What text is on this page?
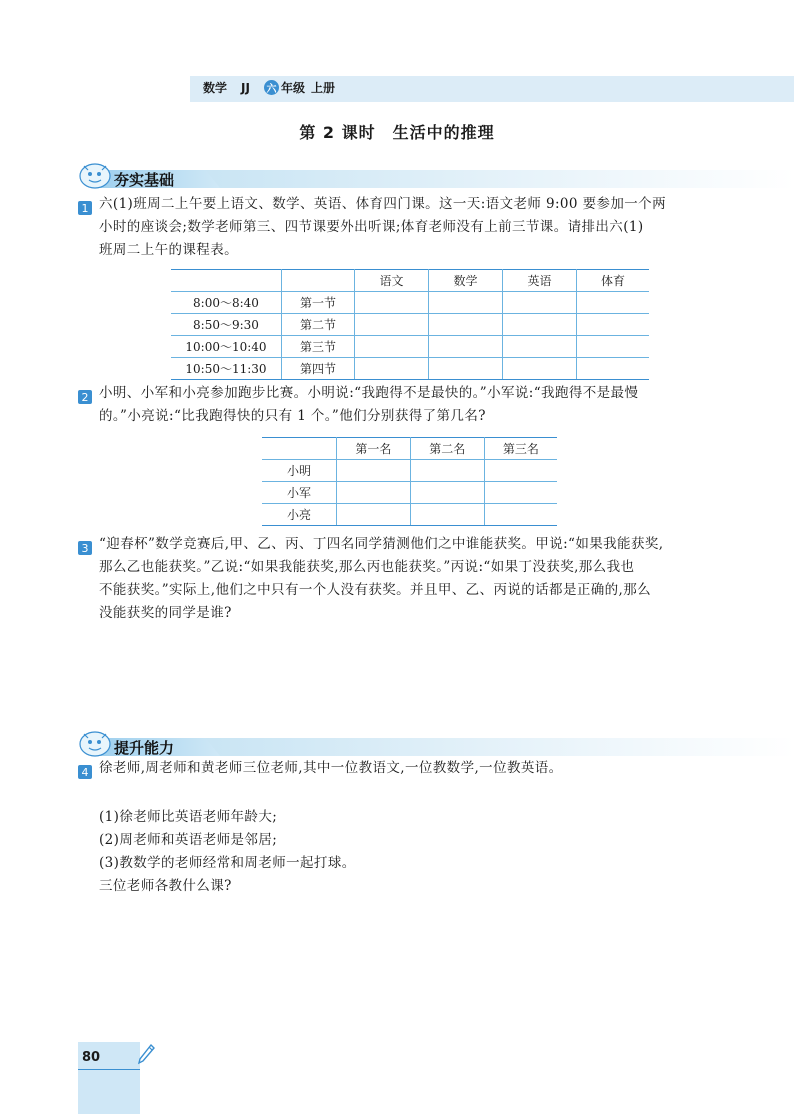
数学 JJ 六 年级 上册
第 2 课时　生活中的推理
夯实基础
1 六(1)班周二上午要上语文、数学、英语、体育四门课。这一天:语文老师 9:00 要参加一个两
小时的座谈会;数学老师第三、四节课要外出听课;体育老师没有上前三节课。请排出六(1)
班周二上午的课程表。
		语文	数学	英语	体育
8:00～8:40	第一节				
8:50～9:30	第二节				
10:00～10:40	第三节				
10:50～11:30	第四节				
2 小明、小军和小亮参加跑步比赛。小明说:“我跑得不是最快的。”小军说:“我跑得不是最慢
的。”小亮说:“比我跑得快的只有 1 个。”他们分别获得了第几名?
	第一名	第二名	第三名
小明			
小军			
小亮			
3 “迎春杯”数学竞赛后,甲、乙、丙、丁四名同学猜测他们之中谁能获奖。甲说:“如果我能获奖,
那么乙也能获奖。”乙说:“如果我能获奖,那么丙也能获奖。”丙说:“如果丁没获奖,那么我也
不能获奖。”实际上,他们之中只有一个人没有获奖。并且甲、乙、丙说的话都是正确的,那么
没能获奖的同学是谁?
提升能力
4 徐老师,周老师和黄老师三位老师,其中一位教语文,一位教数学,一位教英语。
(1)徐老师比英语老师年龄大;
(2)周老师和英语老师是邻居;
(3)教数学的老师经常和周老师一起打球。
三位老师各教什么课?
80
